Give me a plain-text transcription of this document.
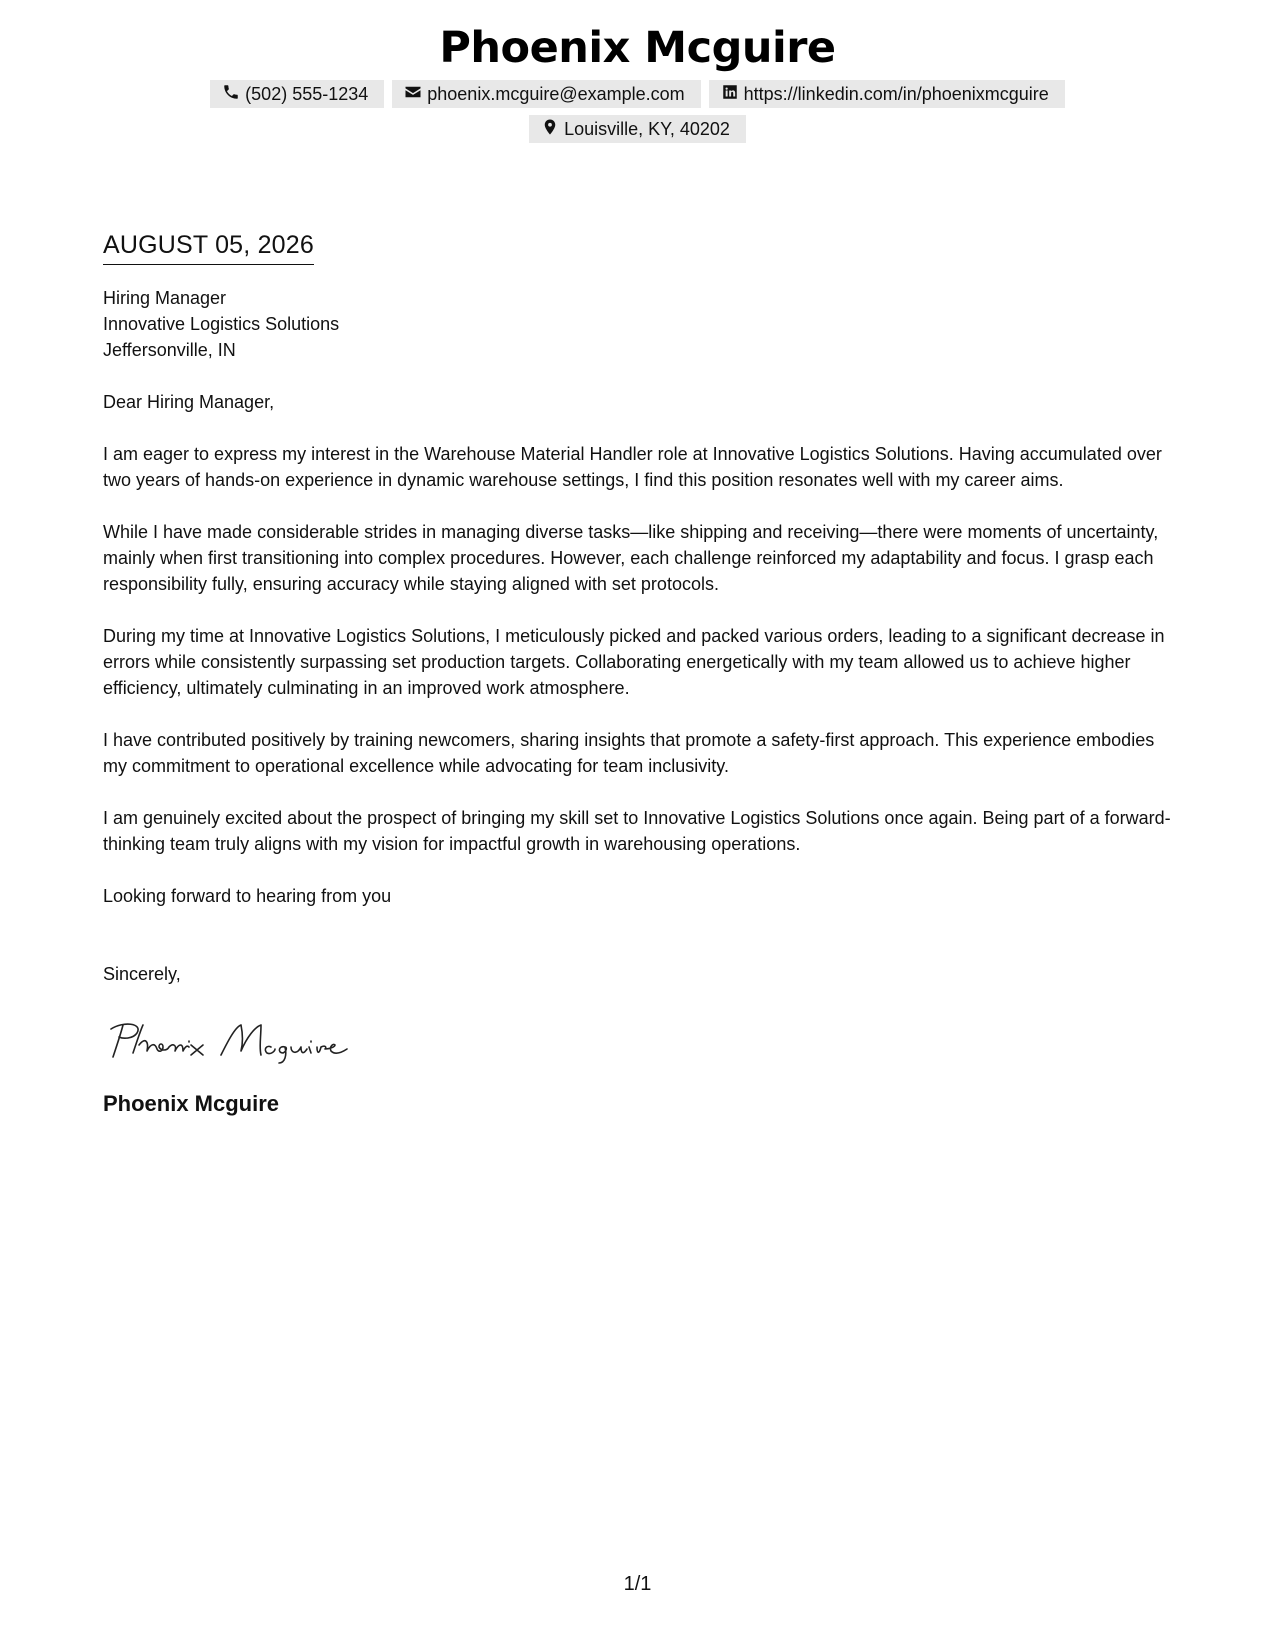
Phoenix Mcguire
(502) 555-1234	phoenix.mcguire@example.com	https://linkedin.com/in/phoenixmcguire
Louisville, KY, 40202
AUGUST 05, 2026
Hiring Manager
Innovative Logistics Solutions
Jeffersonville, IN
Dear Hiring Manager,
I am eager to express my interest in the Warehouse Material Handler role at Innovative Logistics Solutions. Having accumulated over two years of hands-on experience in dynamic warehouse settings, I find this position resonates well with my career aims.
While I have made considerable strides in managing diverse tasks—like shipping and receiving—there were moments of uncertainty, mainly when first transitioning into complex procedures. However, each challenge reinforced my adaptability and focus. I grasp each responsibility fully, ensuring accuracy while staying aligned with set protocols.
During my time at Innovative Logistics Solutions, I meticulously picked and packed various orders, leading to a significant decrease in errors while consistently surpassing set production targets. Collaborating energetically with my team allowed us to achieve higher efficiency, ultimately culminating in an improved work atmosphere.
I have contributed positively by training newcomers, sharing insights that promote a safety-first approach. This experience embodies my commitment to operational excellence while advocating for team inclusivity.
I am genuinely excited about the prospect of bringing my skill set to Innovative Logistics Solutions once again. Being part of a forward-thinking team truly aligns with my vision for impactful growth in warehousing operations.
Looking forward to hearing from you
Sincerely,
Phoenix Mcguire
1/1
